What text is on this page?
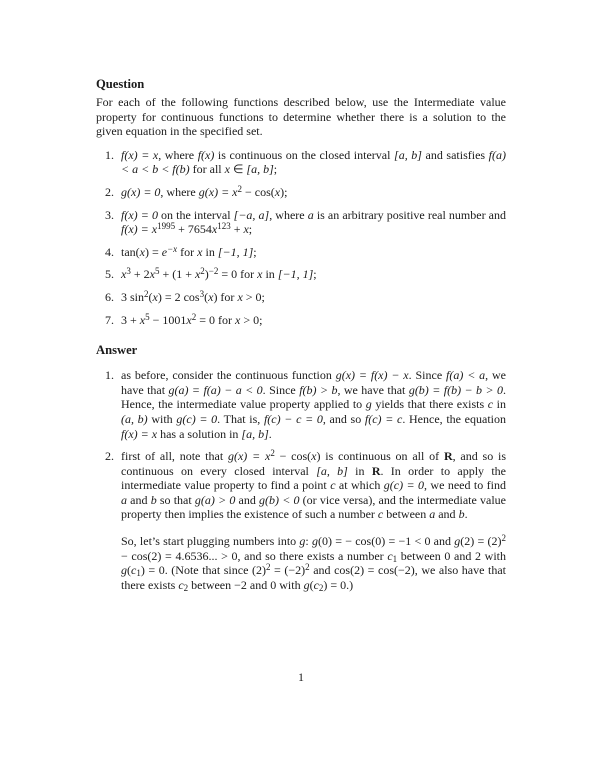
Question

For each of the following functions described below, use the Intermediate value property for continuous functions to determine whether there is a solution to the given equation in the specified set.

1. f(x) = x, where f(x) is continuous on the closed interval [a, b] and satisfies f(a) < a < b < f(b) for all x ∈ [a, b];
2. g(x) = 0, where $g(x) = x^2 - \cos(x)$;
3. f(x) = 0 on the interval [−a, a], where a is an arbitrary positive real number and $f(x) = x^{1995} + 7654x^{123} + x$;
4. $\tan(x) = e^{-x}$ for x in [−1, 1];
5. $x^3 + 2x^5 + (1 + x^2)^{-2} = 0$ for x in [−1, 1];
6. 3 $\sin^2(x) = 2$ $\cos^3(x)$ for x > 0;
7. $3 + x^5 - 1001x^2 = 0$ for x > 0;

Answer

1. as before, consider the continuous function g(x) = f(x) − x. Since f(a) < a, we have that g(a) = f(a) − a < 0. Since f(b) > b, we have that g(b) = f(b) − b > 0. Hence, the intermediate value property applied to g yields that there exists c in (a, b) with g(c) = 0. That is, f(c) − c = 0, and so f(c) = c. Hence, the equation f(x) = x has a solution in [a, b].

2. first of all, note that $g(x) = x^2 - \cos(x)$ is continuous on all of R, and so is continuous on every closed interval [a, b] in R. In order to apply the intermediate value property to find a point c at which g(c) = 0, we need to find a and b so that g(a) > 0 and g(b) < 0 (or vice versa), and the intermediate value property then implies the existence of such a number c between a and b.

So, let’s start plugging numbers into g: g(0) = − cos(0) = −1 < 0 and $g(2) = (2)^2 - \cos(2) = 4.6536$... > 0, and so there exists a number c1 between 0 and 2 with g(c1) = 0. (Note that since $(2)^2 = (-2)^2$ and cos(2) = cos(−2), we also have that there exists c2 between −2 and 0 with g(c2) = 0.)

1
